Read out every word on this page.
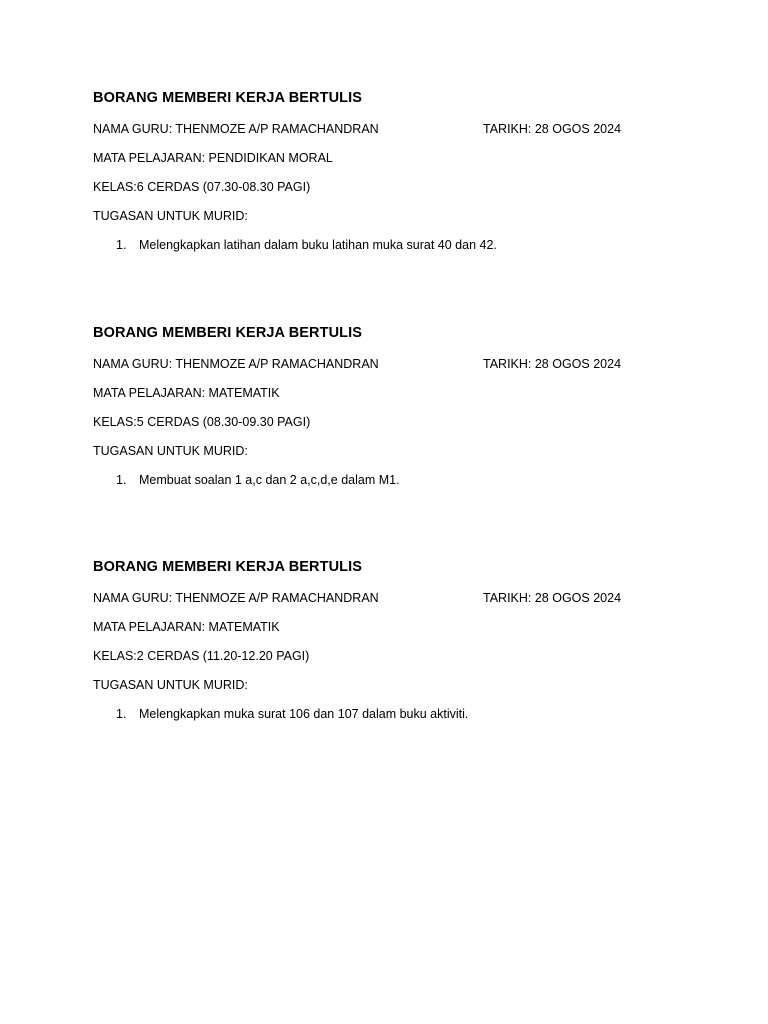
BORANG MEMBERI KERJA BERTULIS
NAMA GURU: THENMOZE A/P RAMACHANDRAN	TARIKH: 28 OGOS 2024
MATA PELAJARAN: PENDIDIKAN MORAL
KELAS:6 CERDAS (07.30-08.30 PAGI)
TUGASAN UNTUK MURID:
1. Melengkapkan latihan dalam buku latihan muka surat 40 dan 42.
BORANG MEMBERI KERJA BERTULIS
NAMA GURU: THENMOZE A/P RAMACHANDRAN	TARIKH: 28 OGOS 2024
MATA PELAJARAN: MATEMATIK
KELAS:5 CERDAS (08.30-09.30 PAGI)
TUGASAN UNTUK MURID:
1. Membuat soalan 1 a,c dan 2 a,c,d,e dalam M1.
BORANG MEMBERI KERJA BERTULIS
NAMA GURU: THENMOZE A/P RAMACHANDRAN	TARIKH: 28 OGOS 2024
MATA PELAJARAN: MATEMATIK
KELAS:2 CERDAS (11.20-12.20 PAGI)
TUGASAN UNTUK MURID:
1. Melengkapkan muka surat 106 dan 107 dalam buku aktiviti.
